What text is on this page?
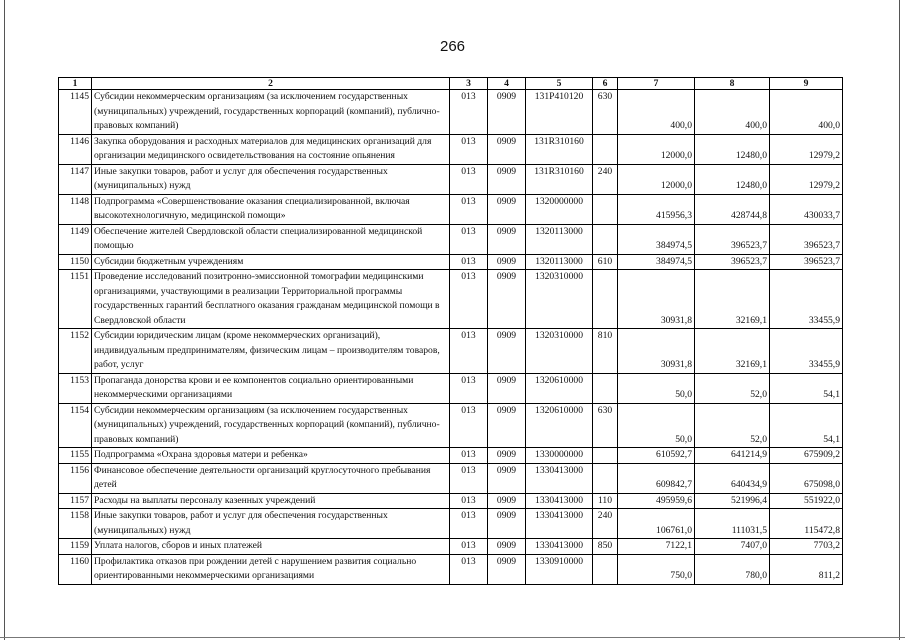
266
1	2	3	4	5	6	7	8	9
1145	Субсидии некоммерческим организациям (за исключением государственных (муниципальных) учреждений, государственных корпораций (компаний), публично-правовых компаний)	013	0909	131P410120	630	400,0	400,0	400,0
1146	Закупка оборудования и расходных материалов для медицинских организаций для организации медицинского освидетельствования на состояние опьянения	013	0909	131R310160		12000,0	12480,0	12979,2
1147	Иные закупки товаров, работ и услуг для обеспечения государственных (муниципальных) нужд	013	0909	131R310160	240	12000,0	12480,0	12979,2
1148	Подпрограмма «Совершенствование оказания специализированной, включая высокотехнологичную, медицинской помощи»	013	0909	1320000000		415956,3	428744,8	430033,7
1149	Обеспечение жителей Свердловской области специализированной медицинской помощью	013	0909	1320113000		384974,5	396523,7	396523,7
1150	Субсидии бюджетным учреждениям	013	0909	1320113000	610	384974,5	396523,7	396523,7
1151	Проведение исследований позитронно-эмиссионной томографии медицинскими организациями, участвующими в реализации Территориальной программы государственных гарантий бесплатного оказания гражданам медицинской помощи в Свердловской области	013	0909	1320310000		30931,8	32169,1	33455,9
1152	Субсидии юридическим лицам (кроме некоммерческих организаций), индивидуальным предпринимателям, физическим лицам – производителям товаров, работ, услуг	013	0909	1320310000	810	30931,8	32169,1	33455,9
1153	Пропаганда донорства крови и ее компонентов социально ориентированными некоммерческими организациями	013	0909	1320610000		50,0	52,0	54,1
1154	Субсидии некоммерческим организациям (за исключением государственных (муниципальных) учреждений, государственных корпораций (компаний), публично-правовых компаний)	013	0909	1320610000	630	50,0	52,0	54,1
1155	Подпрограмма «Охрана здоровья матери и ребенка»	013	0909	1330000000		610592,7	641214,9	675909,2
1156	Финансовое обеспечение деятельности организаций круглосуточного пребывания детей	013	0909	1330413000		609842,7	640434,9	675098,0
1157	Расходы на выплаты персоналу казенных учреждений	013	0909	1330413000	110	495959,6	521996,4	551922,0
1158	Иные закупки товаров, работ и услуг для обеспечения государственных (муниципальных) нужд	013	0909	1330413000	240	106761,0	111031,5	115472,8
1159	Уплата налогов, сборов и иных платежей	013	0909	1330413000	850	7122,1	7407,0	7703,2
1160	Профилактика отказов при рождении детей с нарушением развития социально ориентированными некоммерческими организациями	013	0909	1330910000		750,0	780,0	811,2
